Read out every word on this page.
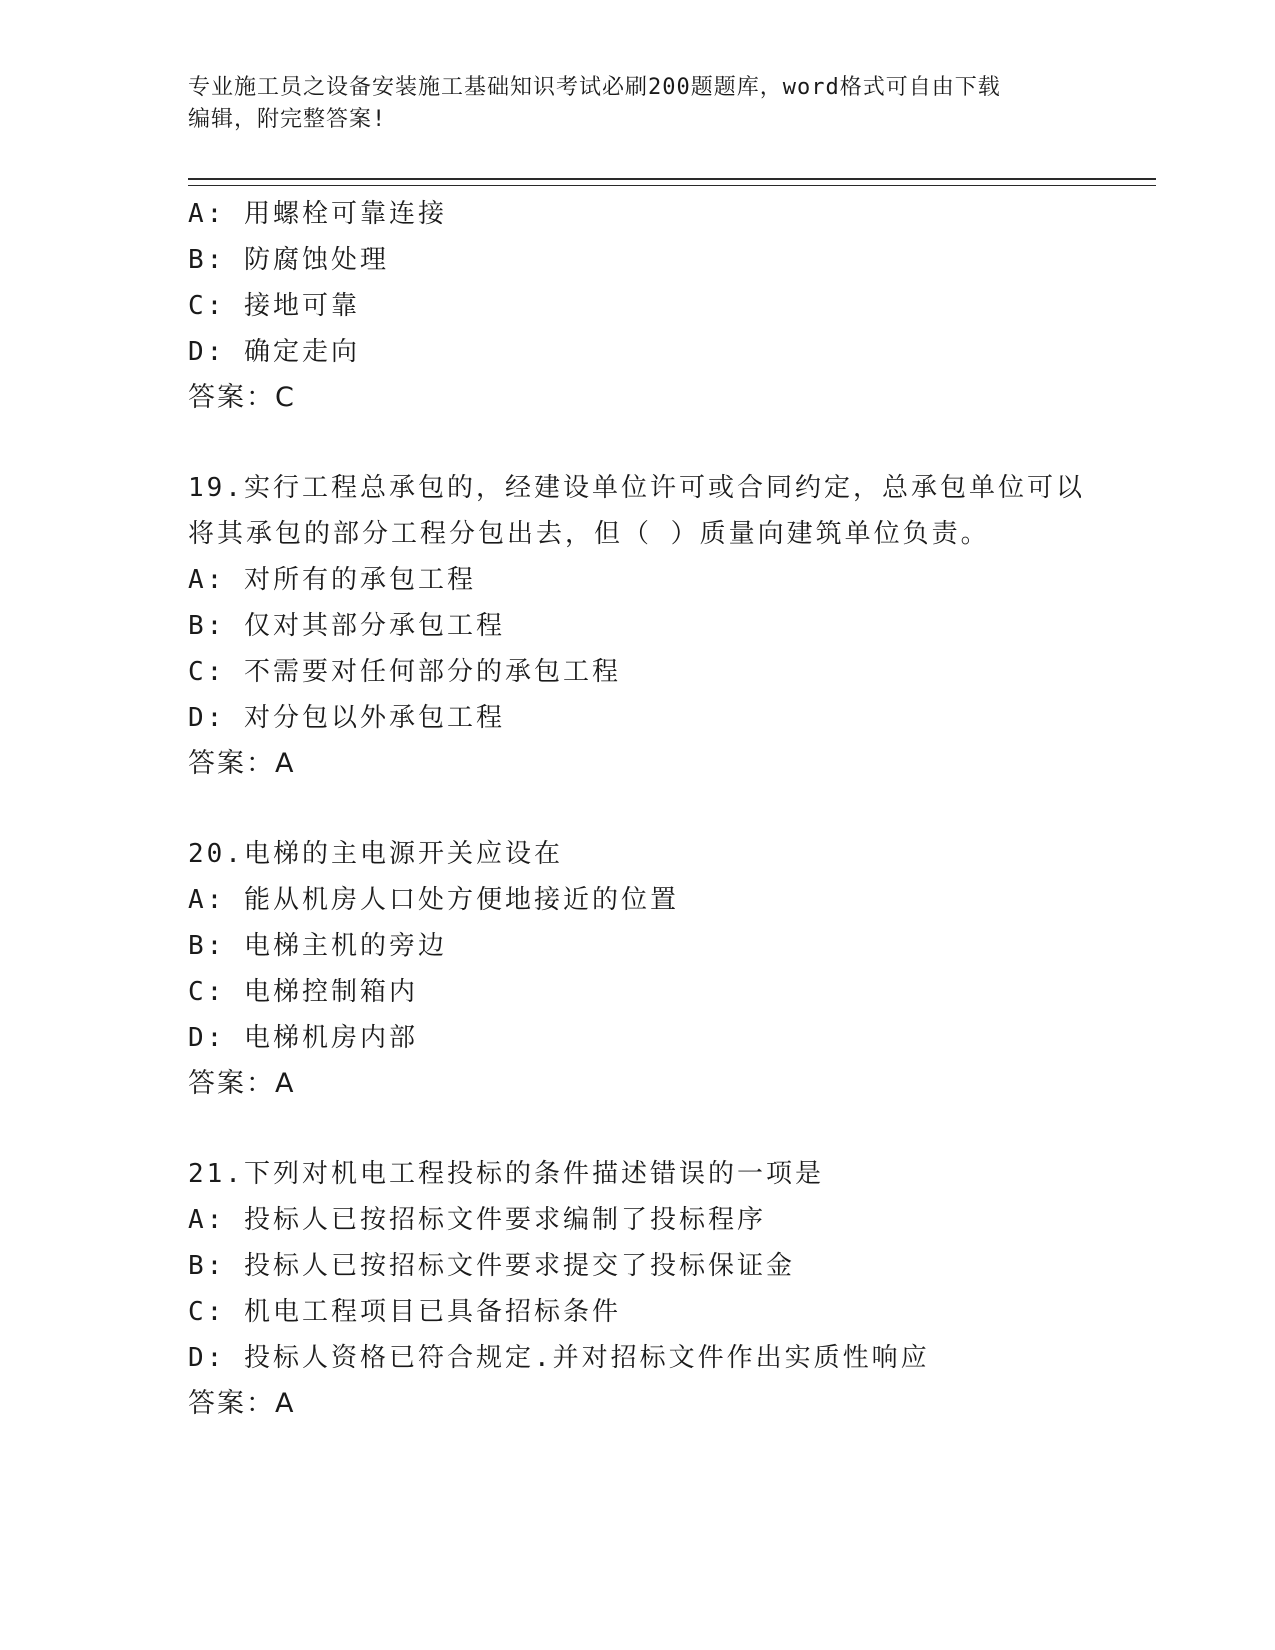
专业施工员之设备安装施工基础知识考试必刷200题题库，word格式可自由下载
编辑，附完整答案!
A: 用螺栓可靠连接
B: 防腐蚀处理
C: 接地可靠
D: 确定走向
答案：C
19.实行工程总承包的，经建设单位许可或合同约定，总承包单位可以
将其承包的部分工程分包出去，但（ ）质量向建筑单位负责。
A: 对所有的承包工程
B: 仅对其部分承包工程
C: 不需要对任何部分的承包工程
D: 对分包以外承包工程
答案：A
20.电梯的主电源开关应设在
A: 能从机房人口处方便地接近的位置
B: 电梯主机的旁边
C: 电梯控制箱内
D: 电梯机房内部
答案：A
21.下列对机电工程投标的条件描述错误的一项是
A: 投标人已按招标文件要求编制了投标程序
B: 投标人已按招标文件要求提交了投标保证金
C: 机电工程项目已具备招标条件
D: 投标人资格已符合规定.并对招标文件作出实质性响应
答案：A
